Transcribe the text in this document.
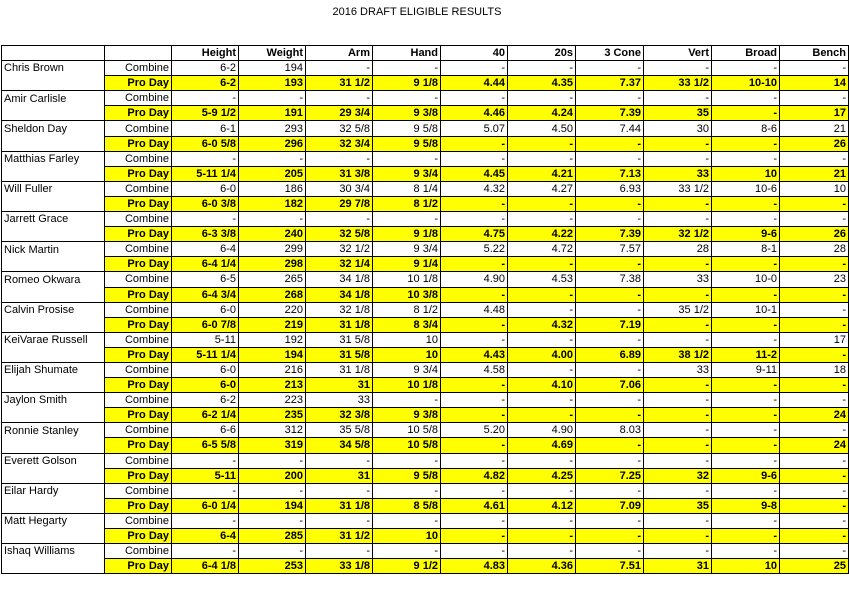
2016 DRAFT ELIGIBLE RESULTS
		Height	Weight	Arm	Hand	40	20s	3 Cone	Vert	Broad	Bench
Chris Brown	Combine	6-2	194	-	-	-	-	-	-	-	-
	Pro Day	6-2	193	31 1/2	9 1/8	4.44	4.35	7.37	33 1/2	10-10	14
Amir Carlisle	Combine	-	-	-	-	-	-	-	-	-	-
	Pro Day	5-9 1/2	191	29 3/4	9 3/8	4.46	4.24	7.39	35	-	17
Sheldon Day	Combine	6-1	293	32 5/8	9 5/8	5.07	4.50	7.44	30	8-6	21
	Pro Day	6-0 5/8	296	32 3/4	9 5/8	-	-	-	-	-	26
Matthias Farley	Combine	-	-	-	-	-	-	-	-	-	-
	Pro Day	5-11 1/4	205	31 3/8	9 3/4	4.45	4.21	7.13	33	10	21
Will Fuller	Combine	6-0	186	30 3/4	8 1/4	4.32	4.27	6.93	33 1/2	10-6	10
	Pro Day	6-0 3/8	182	29 7/8	8 1/2	-	-	-	-	-	-
Jarrett Grace	Combine	-	-	-	-	-	-	-	-	-	-
	Pro Day	6-3 3/8	240	32 5/8	9 1/8	4.75	4.22	7.39	32 1/2	9-6	26
Nick Martin	Combine	6-4	299	32 1/2	9 3/4	5.22	4.72	7.57	28	8-1	28
	Pro Day	6-4 1/4	298	32 1/4	9 1/4	-	-	-	-	-	-
Romeo Okwara	Combine	6-5	265	34 1/8	10 1/8	4.90	4.53	7.38	33	10-0	23
	Pro Day	6-4 3/4	268	34 1/8	10 3/8	-	-	-	-	-	-
Calvin Prosise	Combine	6-0	220	32 1/8	8 1/2	4.48	-	-	35 1/2	10-1	-
	Pro Day	6-0 7/8	219	31 1/8	8 3/4	-	4.32	7.19	-	-	-
KeiVarae Russell	Combine	5-11	192	31 5/8	10	-	-	-	-	-	17
	Pro Day	5-11 1/4	194	31 5/8	10	4.43	4.00	6.89	38 1/2	11-2	-
Elijah Shumate	Combine	6-0	216	31 1/8	9 3/4	4.58	-	-	33	9-11	18
	Pro Day	6-0	213	31	10 1/8	-	4.10	7.06	-	-	-
Jaylon Smith	Combine	6-2	223	33	-	-	-	-	-	-	-
	Pro Day	6-2 1/4	235	32 3/8	9 3/8	-	-	-	-	-	24
Ronnie Stanley	Combine	6-6	312	35 5/8	10 5/8	5.20	4.90	8.03	-	-	-
	Pro Day	6-5 5/8	319	34 5/8	10 5/8	-	4.69	-	-	-	24
Everett Golson	Combine	-	-	-	-	-	-	-	-	-	-
	Pro Day	5-11	200	31	9 5/8	4.82	4.25	7.25	32	9-6	-
Eilar Hardy	Combine	-	-	-	-	-	-	-	-	-	-
	Pro Day	6-0 1/4	194	31 1/8	8 5/8	4.61	4.12	7.09	35	9-8	-
Matt Hegarty	Combine	-	-	-	-	-	-	-	-	-	-
	Pro Day	6-4	285	31 1/2	10	-	-	-	-	-	-
Ishaq Williams	Combine	-	-	-	-	-	-	-	-	-	-
	Pro Day	6-4 1/8	253	33 1/8	9 1/2	4.83	4.36	7.51	31	10	25
